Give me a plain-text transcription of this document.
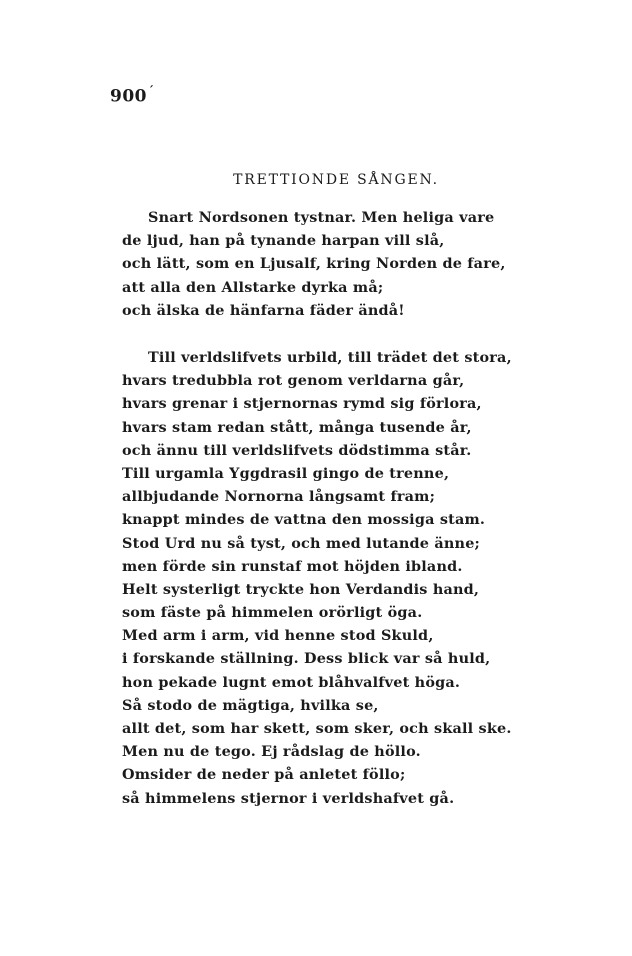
900´
TRETTIONDE SÅNGEN.
Snart Nordsonen tystnar. Men heliga vare
de ljud, han på tynande harpan vill slå,
och lätt, som en Ljusalf, kring Norden de fare,
att alla den Allstarke dyrka må;
och älska de hänfarna fäder ändå!
Till verldslifvets urbild, till trädet det stora,
hvars tredubbla rot genom verldarna går,
hvars grenar i stjernornas rymd sig förlora,
hvars stam redan stått, många tusende år,
och ännu till verldslifvets dödstimma står.
Till urgamla Yggdrasil gingo de trenne,
allbjudande Nornorna långsamt fram;
knappt mindes de vattna den mossiga stam.
Stod Urd nu så tyst, och med lutande änne;
men förde sin runstaf mot höjden ibland.
Helt systerligt tryckte hon Verdandis hand,
som fäste på himmelen orörligt öga.
Med arm i arm, vid henne stod Skuld,
i forskande ställning. Dess blick var så huld,
hon pekade lugnt emot blåhvalfvet höga.
Så stodo de mägtiga, hvilka se,
allt det, som har skett, som sker, och skall ske.
Men nu de tego. Ej rådslag de höllo.
Omsider de neder på anletet föllo;
så himmelens stjernor i verldshafvet gå.
